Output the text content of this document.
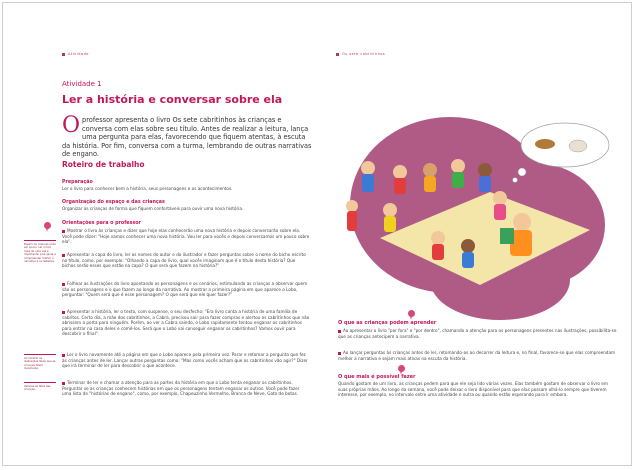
Atividade
Atividade 1
Ler a história e conversar sobre ela
O professor apresenta o livro Os sete cabritinhos às crianças e conversa com elas sobre seu título. Antes de realizar a leitura, lança uma pergunta para elas, favorecendo que fiquem atentas, à escuta da história. Por fim, conversa com a turma, lembrando de outras narrativas de engano.
Roteiro de trabalho
Preparação
Ler o livro para conhecer bem a história, seus personagens e os acontecimentos.
Organização do espaço e das crianças
Organizar as crianças de forma que fiquem confortáveis para ouvir uma nova história.
Orientações para o professor
Mostrar o livro às crianças e dizer que hoje elas conhecerão uma nova história e depois conversarão sobre ela. Você pode dizer: "Hoje vamos conhecer uma nova história. Vou ler para vocês e depois conversamos um pouco sobre ela".
Apresentar a capa do livro, ler os nomes do autor e do ilustrador e fazer perguntas sobre o nome do bicho escrito no título, como, por exemplo: "Olhando a capa do livro, qual vocês imaginam que é o título desta história? Que bichos serão esses que estão na capa? O que será que fazem na história?"
Folhear as ilustrações do livro apontando os personagens e os cenários, estimulando as crianças a observar quem são os personagens e o que fazem ao longo da narrativa. Ao mostrar a primeira página em que aparece o Lobo, perguntar: "Quem será que é esse personagem? O que será que ele quer fazer?"
Apresentar a história, ler o texto, com suspense, o seu desfecho: "Era livro conta a história de uma família de cabritos. Certo dia, a mãe dos cabritinhos, a Cabra, precisou sair para fazer compras e alertou os cabritinhos que não abrissem a porta para ninguém. Porém, ao ver a Cabra saindo, o Lobo rapidamente tentou enganar os cabritinhos para entrar na casa deles e comê-los. Será que o Lobo vai conseguir enganar os cabritinhos? Vamos ouvir para descobrir o final".
Ler o livro novamente até a página em que o Lobo aparece pela primeira vez. Parar e retomar a pergunta que fez às crianças antes de ler. Lançar outras perguntas como: "Mas como vocês acham que os cabritinhos vão agir?" Dizer que irá terminar de ler para descobrir o que acontece.
Terminar de ler e chamar a atenção para as partes da história em que o Lobo tenta enganar os cabritinhos. Perguntar se as crianças conhecem histórias em que os personagens tentam enganar os outros. Você pode fazer uma lista de "histórias de engano", como, por exemplo, Chapeuzinho Vermelho, Branca de Neve, Gato de botas.
Espero de crianças pode ser pouco. Ler o livro mais de uma vez é importante, pois ajuda a compreender melhor a narrativa e os detalhes.
Ao mostrar as ilustrações deixe que as crianças falem livremente.
Valorize as falas das crianças.
Os sete cabritinhos
O que as crianças podem aprender
Ao apresentar o livro "por fora" e "por dentro", chamando a atenção para os personagens presentes nas ilustrações, possibilita-se que as crianças antecipem a narrativa.
Ao lançar perguntas às crianças antes de ler, retomando-as ao decorrer da leitura e, no final, favorece-se que elas compreendam melhor a narrativa e sejam mais ativas na escuta da história.
O que mais é possível fazer
Quando gostam de um livro, as crianças pedem para que ele seja lido várias vezes. Elas também gostam de observar o livro em suas próprias mãos. Ao longo da semana, você pode deixar o livro disponível para que elas possam olhá-lo sempre que tiverem interesse, por exemplo, no intervalo entre uma atividade e outra ou quando estão esperando para ir embora.
